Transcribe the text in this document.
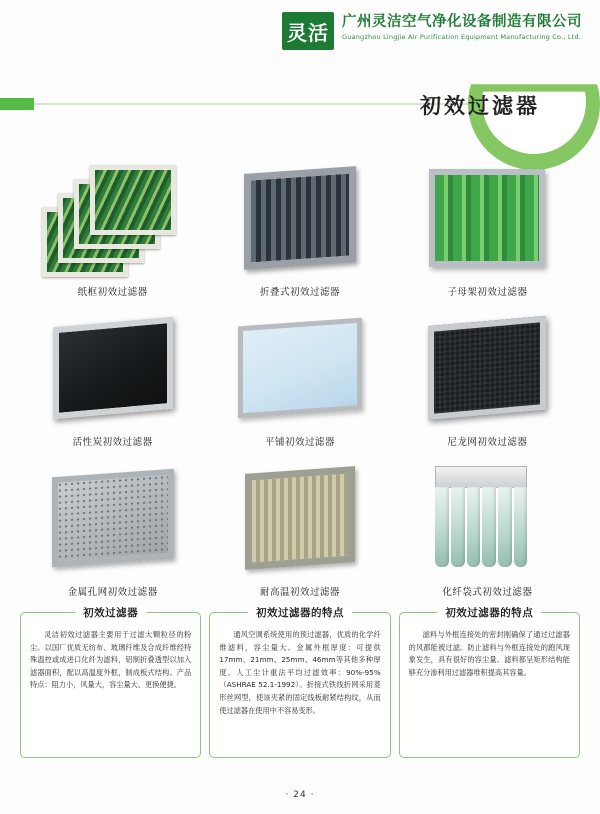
灵活 广州灵洁空气净化设备制造有限公司
Guangzhou Lingjie Air Purification Equipment Manufacturing Co., Ltd.
初效过滤器
纸框初效过滤器	折叠式初效过滤器	子母架初效过滤器
活性炭初效过滤器	平铺初效过滤器	尼龙网初效过滤器
金属孔网初效过滤器	耐高温初效过滤器	化纤袋式初效过滤器
初效过滤器
灵洁初效过滤器主要用于过滤大颗粒径的粉尘。以国厂优质无纺布、玻璃纤维及合成纤维经特殊温控或成进口化纤为滤料，铝制折叠透型以加入滤器面积，配以高温度外框，制成板式结构。产品特点：阻力小，风量大，容尘量大、更换便捷。
初效过滤器的特点
通风空调系统使用的预过滤器，优质的化学纤维滤料，容尘量大。金属外框厚度：可提供17mm、21mm、25mm、46mm等其他多种厚度。人工尘计重法平均过滤效率：90%-95%（ASHRAE 52.1-1992）。折接式铁线折网采用菱形丝网型，使该夹紧的固定线板耐紧结构纹，从而使过滤器在使用中不容易变形。
初效过滤器的特点
滤料与外框连接处的密封刚确保了通过过滤器的风都能被过滤。防止滤料与外框连接处的跑风现象发生，具有很好的容尘量。滤料都呈矩形结构能够充分渗利用过滤器堆积提高其容量。
· 24 ·
